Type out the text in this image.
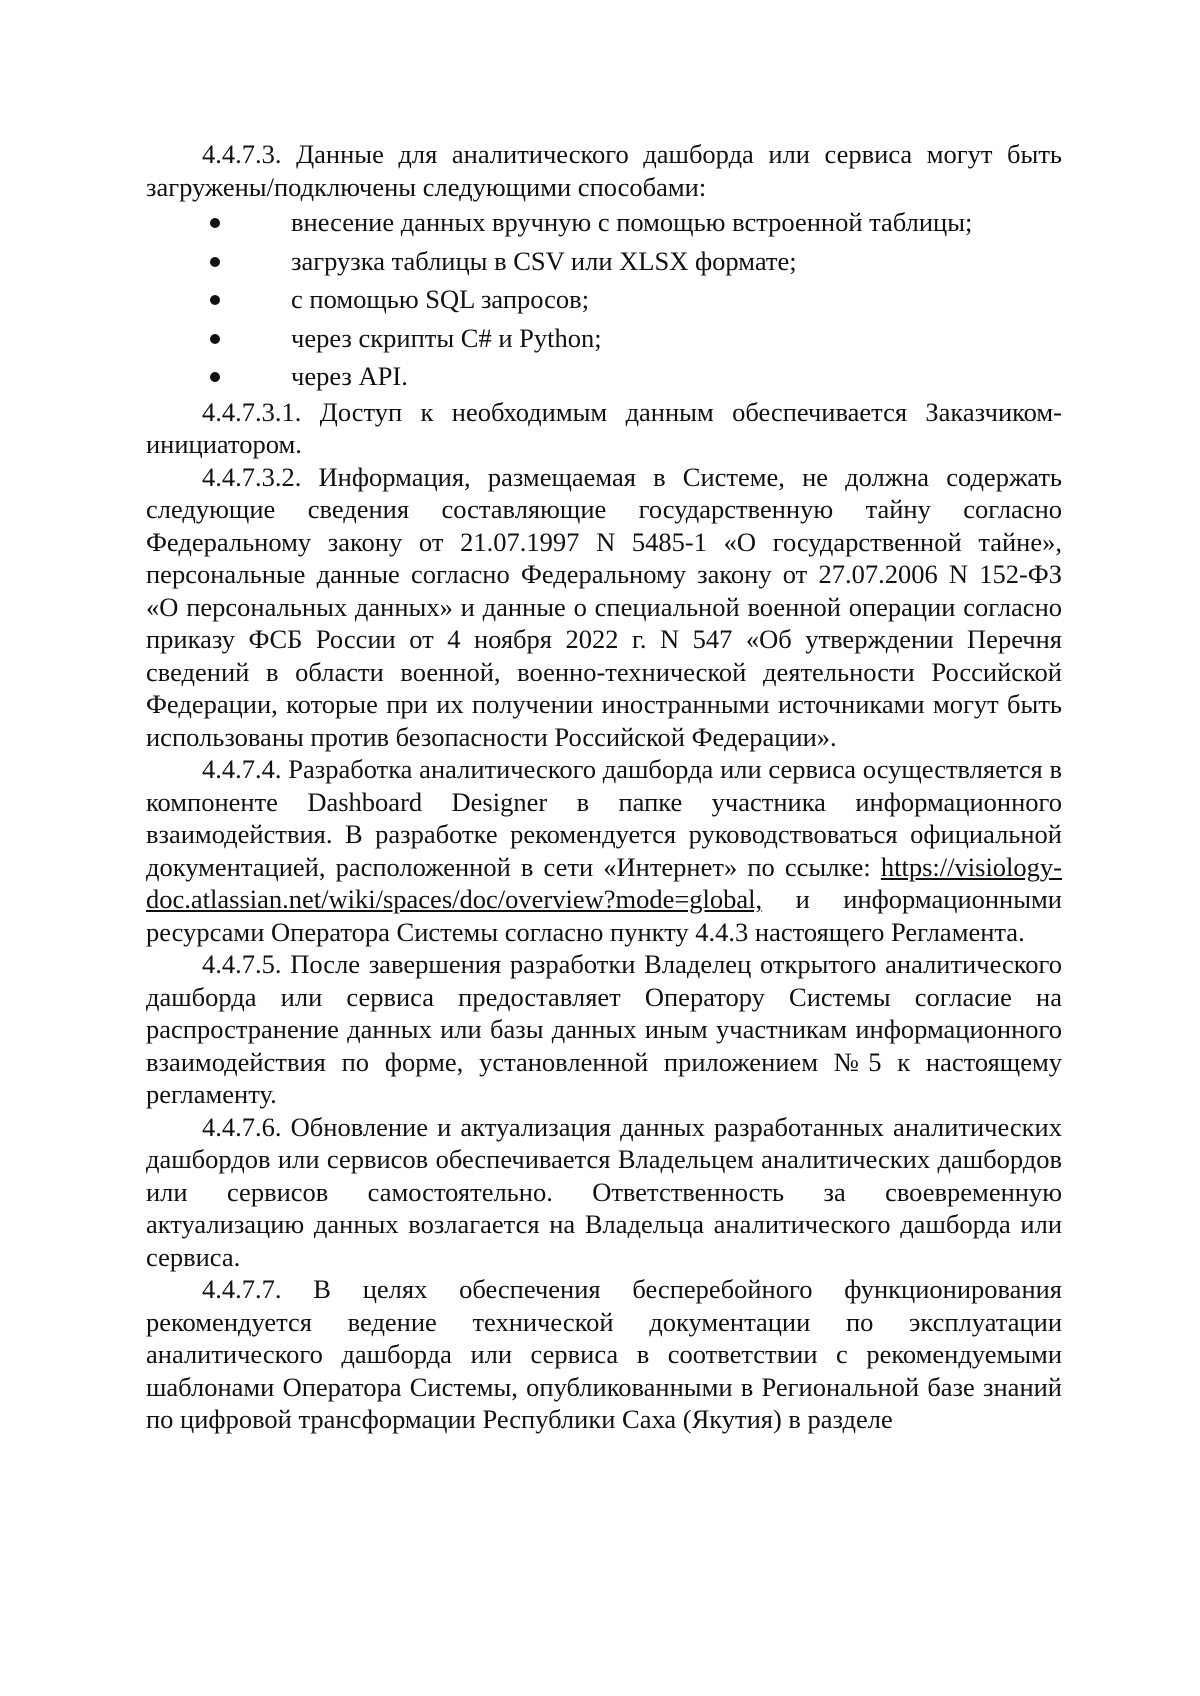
4.4.7.3. Данные для аналитического дашборда или сервиса могут быть загружены/подключены следующими способами:

внесение данных вручную с помощью встроенной таблицы;
загрузка таблицы в CSV или XLSX формате;
с помощью SQL запросов;
через скрипты C# и Python;
через API.

4.4.7.3.1. Доступ к необходимым данным обеспечивается Заказчиком-инициатором.

4.4.7.3.2. Информация, размещаемая в Системе, не должна содержать следующие сведения составляющие государственную тайну согласно Федеральному закону от 21.07.1997 N 5485-1 «О государственной тайне», персональные данные согласно Федеральному закону от 27.07.2006 N 152-ФЗ «О персональных данных» и данные о специальной военной операции согласно приказу ФСБ России от 4 ноября 2022 г. N 547 «Об утверждении Перечня сведений в области военной, военно-технической деятельности Российской Федерации, которые при их получении иностранными источниками могут быть использованы против безопасности Российской Федерации».

4.4.7.4. Разработка аналитического дашборда или сервиса осуществляется в компоненте Dashboard Designer в папке участника информационного взаимодействия. В разработке рекомендуется руководствоваться официальной документацией, расположенной в сети «Интернет» по ссылке: https://visiology-doc.atlassian.net/wiki/spaces/doc/overview?mode=global, и информационными ресурсами Оператора Системы согласно пункту 4.4.3 настоящего Регламента.

4.4.7.5. После завершения разработки Владелец открытого аналитического дашборда или сервиса предоставляет Оператору Системы согласие на распространение данных или базы данных иным участникам информационного взаимодействия по форме, установленной приложением №5 к настоящему регламенту.

4.4.7.6. Обновление и актуализация данных разработанных аналитических дашбордов или сервисов обеспечивается Владельцем аналитических дашбордов или сервисов самостоятельно. Ответственность за своевременную актуализацию данных возлагается на Владельца аналитического дашборда или сервиса.

4.4.7.7. В целях обеспечения бесперебойного функционирования рекомендуется ведение технической документации по эксплуатации аналитического дашборда или сервиса в соответствии с рекомендуемыми шаблонами Оператора Системы, опубликованными в Региональной базе знаний по цифровой трансформации Республики Саха (Якутия) в разделе
